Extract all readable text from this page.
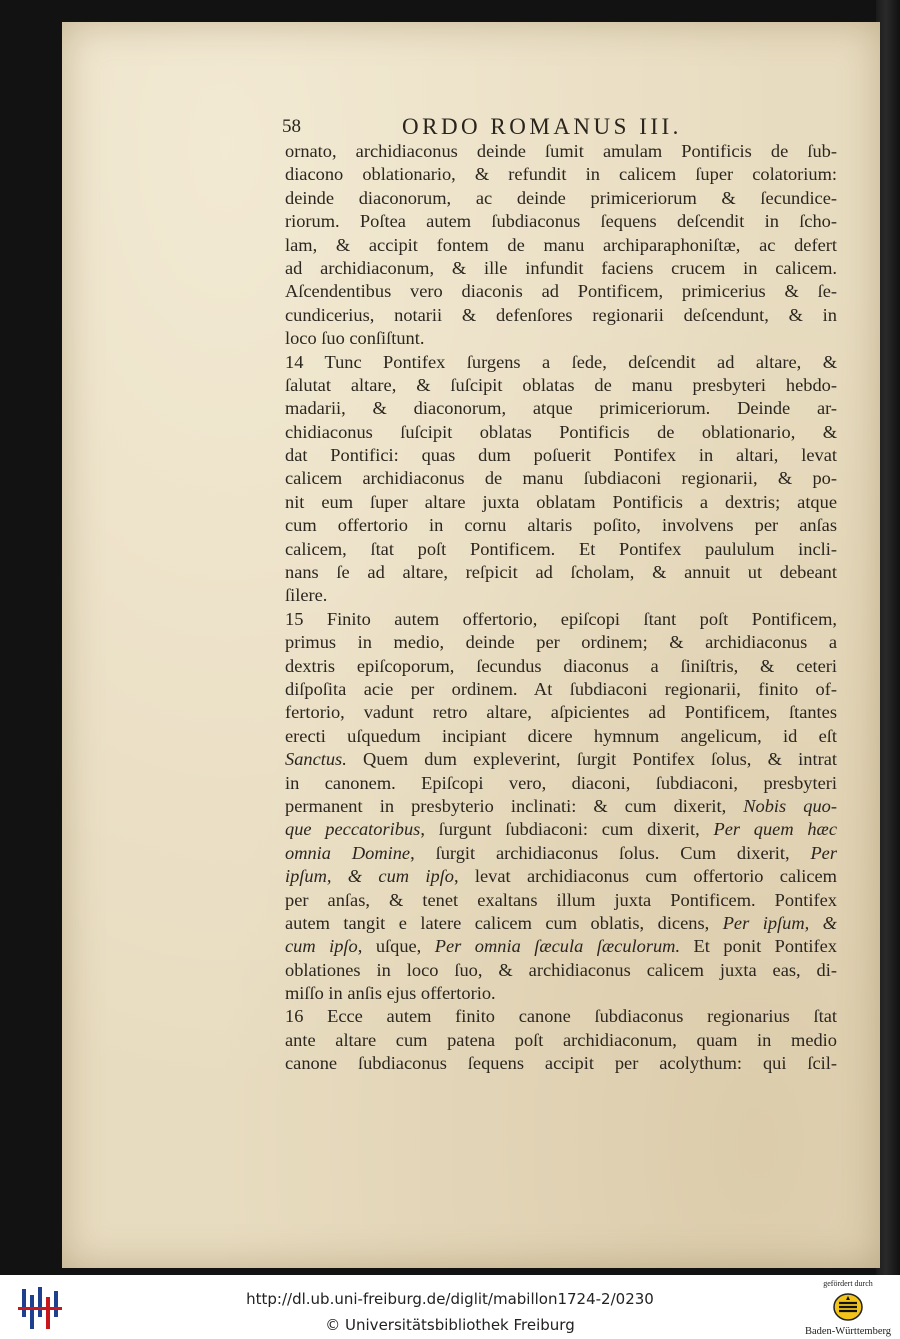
58	ORDO ROMANUS III.
ornato, archidiaconus deinde ſumit amulam Pontificis de ſub-
diacono oblationario, & refundit in calicem ſuper colatorium:
deinde diaconorum, ac deinde primiceriorum & ſecundice-
riorum. Poſtea autem ſubdiaconus ſequens deſcendit in ſcho-
lam, & accipit fontem de manu archiparaphoniſtæ, ac defert
ad archidiaconum, & ille infundit faciens crucem in calicem.
Aſcendentibus vero diaconis ad Pontificem, primicerius & ſe-
cundicerius, notarii & defenſores regionarii deſcendunt, & in
loco ſuo conſiſtunt.
14 Tunc Pontifex ſurgens a ſede, deſcendit ad altare, &
ſalutat altare, & ſuſcipit oblatas de manu presbyteri hebdo-
madarii, & diaconorum, atque primiceriorum. Deinde ar-
chidiaconus ſuſcipit oblatas Pontificis de oblationario, &
dat Pontifici: quas dum poſuerit Pontifex in altari, levat
calicem archidiaconus de manu ſubdiaconi regionarii, & po-
nit eum ſuper altare juxta oblatam Pontificis a dextris; atque
cum offertorio in cornu altaris poſito, involvens per anſas
calicem, ſtat poſt Pontificem. Et Pontifex paululum incli-
nans ſe ad altare, reſpicit ad ſcholam, & annuit ut debeant
ſilere.
15 Finito autem offertorio, epiſcopi ſtant poſt Pontificem,
primus in medio, deinde per ordinem; & archidiaconus a
dextris epiſcoporum, ſecundus diaconus a ſiniſtris, & ceteri
diſpoſita acie per ordinem. At ſubdiaconi regionarii, finito of-
fertorio, vadunt retro altare, aſpicientes ad Pontificem, ſtantes
erecti uſquedum incipiant dicere hymnum angelicum, id eſt
Sanctus. Quem dum expleverint, ſurgit Pontifex ſolus, & intrat
in canonem. Epiſcopi vero, diaconi, ſubdiaconi, presbyteri
permanent in presbyterio inclinati: & cum dixerit, Nobis quo-
que peccatoribus, ſurgunt ſubdiaconi: cum dixerit, Per quem hæc
omnia Domine, ſurgit archidiaconus ſolus. Cum dixerit, Per
ipſum, & cum ipſo, levat archidiaconus cum offertorio calicem
per anſas, & tenet exaltans illum juxta Pontificem. Pontifex
autem tangit e latere calicem cum oblatis, dicens, Per ipſum, &
cum ipſo, uſque, Per omnia ſæcula ſæculorum. Et ponit Pontifex
oblationes in loco ſuo, & archidiaconus calicem juxta eas, di-
miſſo in anſis ejus offertorio.
16 Ecce autem finito canone ſubdiaconus regionarius ſtat
ante altare cum patena poſt archidiaconum, quam in medio
canone ſubdiaconus ſequens accipit per acolythum: qui ſcil-
http://dl.ub.uni-freiburg.de/diglit/mabillon1724-2/0230
© Universitätsbibliothek Freiburg
gefördert durch
Baden-Württemberg
